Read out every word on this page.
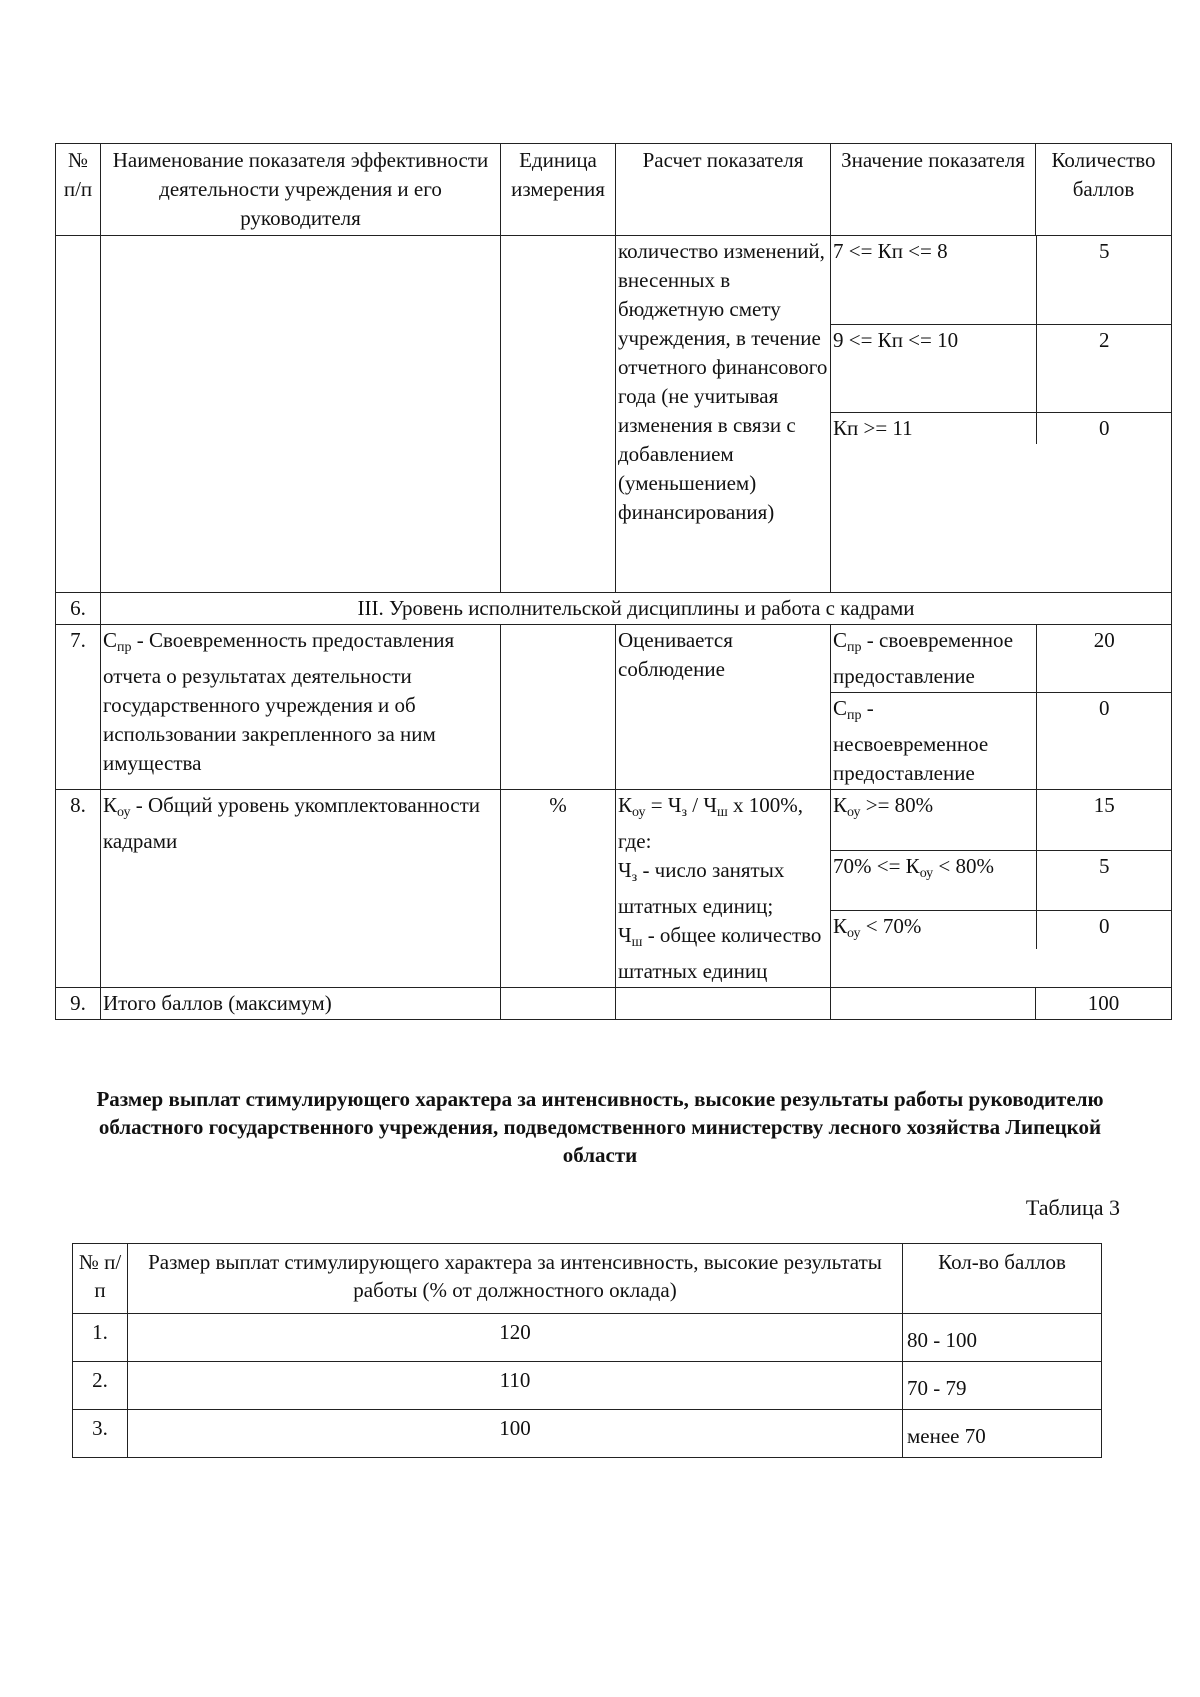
№ п/п	Наименование показателя эффективности деятельности учреждения и его руководителя	Единица измерения	Расчет показателя	Значение показателя	Количество баллов
			количество изменений, внесенных в бюджетную смету учреждения, в течение отчетного финансового года (не учитывая изменения в связи с добавлением (уменьшением) финансирования)	
7 <= Кп <= 8	5
9 <= Кп <= 10	2
Кп >= 11	0

6.	III. Уровень исполнительской дисциплины и работа с кадрами
7.	$С_{пр}$ - Своевременность предоставления отчета о результатах деятельности государственного учреждения и об использовании закрепленного за ним имущества		Оценивается соблюдение	
$С_{пр}$ - своевременное предоставление	20
$С_{пр}$ - несвоевременное предоставление	0

8.	$К_{оу}$ - Общий уровень укомплектованности кадрами	%	$К_{оу} = Ч_з / Ч_ш$ x 100%, где:
$Ч_з$ - число занятых штатных единиц;
$Ч_ш$ - общее количество штатных единиц

$К_{оу} >= 80\%$	15
$70\% <= К_{оу} < 80\%$	5
$К_{оу} < 70\%$	0

9.	Итого баллов (максимум)				100
Размер выплат стимулирующего характера за интенсивность, высокие результаты работы руководителю областного государственного учреждения, подведомственного министерству лесного хозяйства Липецкой области
Таблица 3
№ п/п	Размер выплат стимулирующего характера за интенсивность, высокие результаты работы (% от должностного оклада)	Кол-во баллов
1.	120	80 - 100
2.	110	70 - 79
3.	100	менее 70
